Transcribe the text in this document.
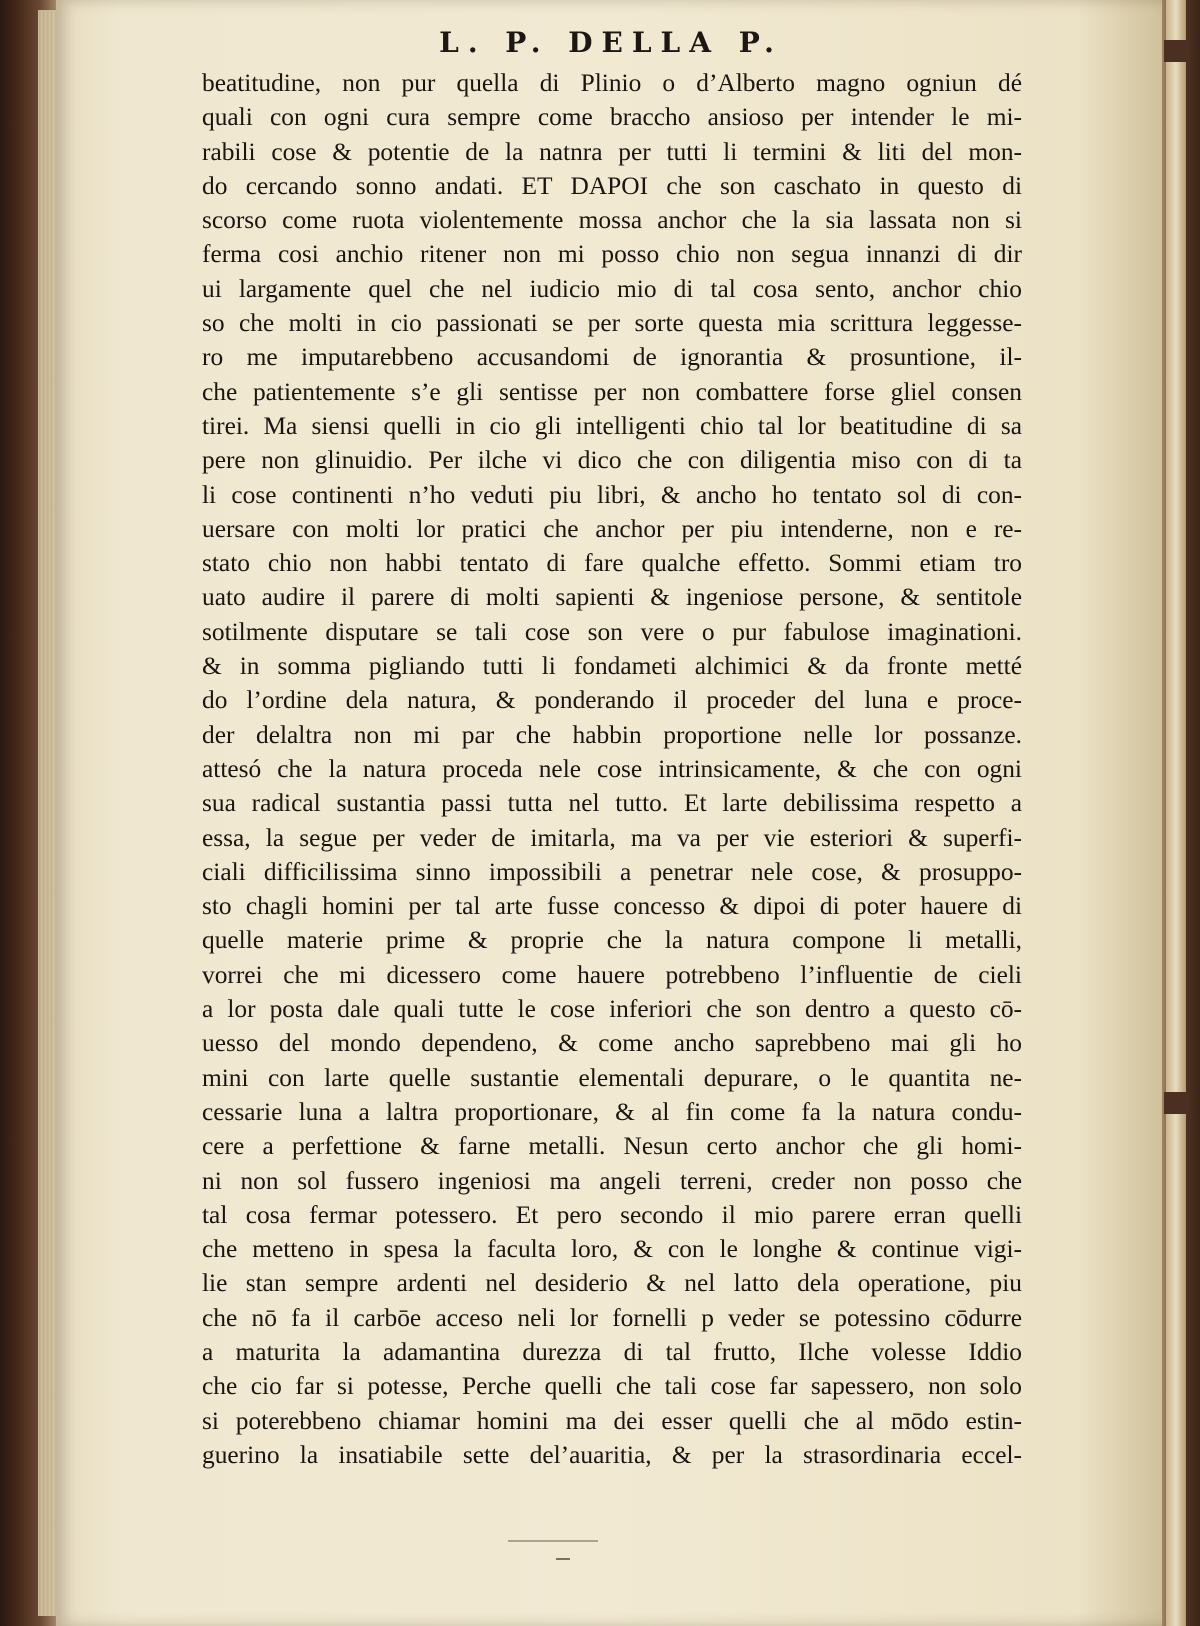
L. P. DELLA P.
beatitudine, non pur quella di Plinio o d’Alberto magno ogniun dé
quali con ogni cura sempre come braccho ansioso per intender le mi-
rabili cose & potentie de la natnra per tutti li termini & liti del mon-
do cercando sonno andati. ET DAPOI che son caschato in questo di
scorso come ruota violentemente mossa anchor che la sia lassata non si
ferma cosi anchio ritener non mi posso chio non segua innanzi di dir
ui largamente quel che nel iudicio mio di tal cosa sento, anchor chio
so che molti in cio passionati se per sorte questa mia scrittura leggesse-
ro me imputarebbeno accusandomi de ignorantia & prosuntione, il-
che patientemente s’e gli sentisse per non combattere forse gliel consen
tirei. Ma siensi quelli in cio gli intelligenti chio tal lor beatitudine di sa
pere non glinuidio. Per ilche vi dico che con diligentia miso con di ta
li cose continenti n’ho veduti piu libri, & ancho ho tentato sol di con-
uersare con molti lor pratici che anchor per piu intenderne, non e re-
stato chio non habbi tentato di fare qualche effetto. Sommi etiam tro
uato audire il parere di molti sapienti & ingeniose persone, & sentitole
sotilmente disputare se tali cose son vere o pur fabulose imaginationi.
& in somma pigliando tutti li fondameti alchimici & da fronte metté
do l’ordine dela natura, & ponderando il proceder del luna e proce-
der delaltra non mi par che habbin proportione nelle lor possanze.
attesó che la natura proceda nele cose intrinsicamente, & che con ogni
sua radical sustantia passi tutta nel tutto. Et larte debilissima respetto a
essa, la segue per veder de imitarla, ma va per vie esteriori & superfi-
ciali difficilissima sinno impossibili a penetrar nele cose, & prosuppo-
sto chagli homini per tal arte fusse concesso & dipoi di poter hauere di
quelle materie prime & proprie che la natura compone li metalli,
vorrei che mi dicessero come hauere potrebbeno l’influentie de cieli
a lor posta dale quali tutte le cose inferiori che son dentro a questo cō-
uesso del mondo dependeno, & come ancho saprebbeno mai gli ho
mini con larte quelle sustantie elementali depurare, o le quantita ne-
cessarie luna a laltra proportionare, & al fin come fa la natura condu-
cere a perfettione & farne metalli. Nesun certo anchor che gli homi-
ni non sol fussero ingeniosi ma angeli terreni, creder non posso che
tal cosa fermar potessero. Et pero secondo il mio parere erran quelli
che metteno in spesa la faculta loro, & con le longhe & continue vigi-
lie stan sempre ardenti nel desiderio & nel latto dela operatione, piu
che nō fa il carbōe acceso neli lor fornelli p veder se potessino cōdurre
a maturita la adamantina durezza di tal frutto, Ilche volesse Iddio
che cio far si potesse, Perche quelli che tali cose far sapessero, non solo
si poterebbeno chiamar homini ma dei esser quelli che al mōdo estin-
guerino la insatiabile sette del’auaritia, & per la strasordinaria eccel-
